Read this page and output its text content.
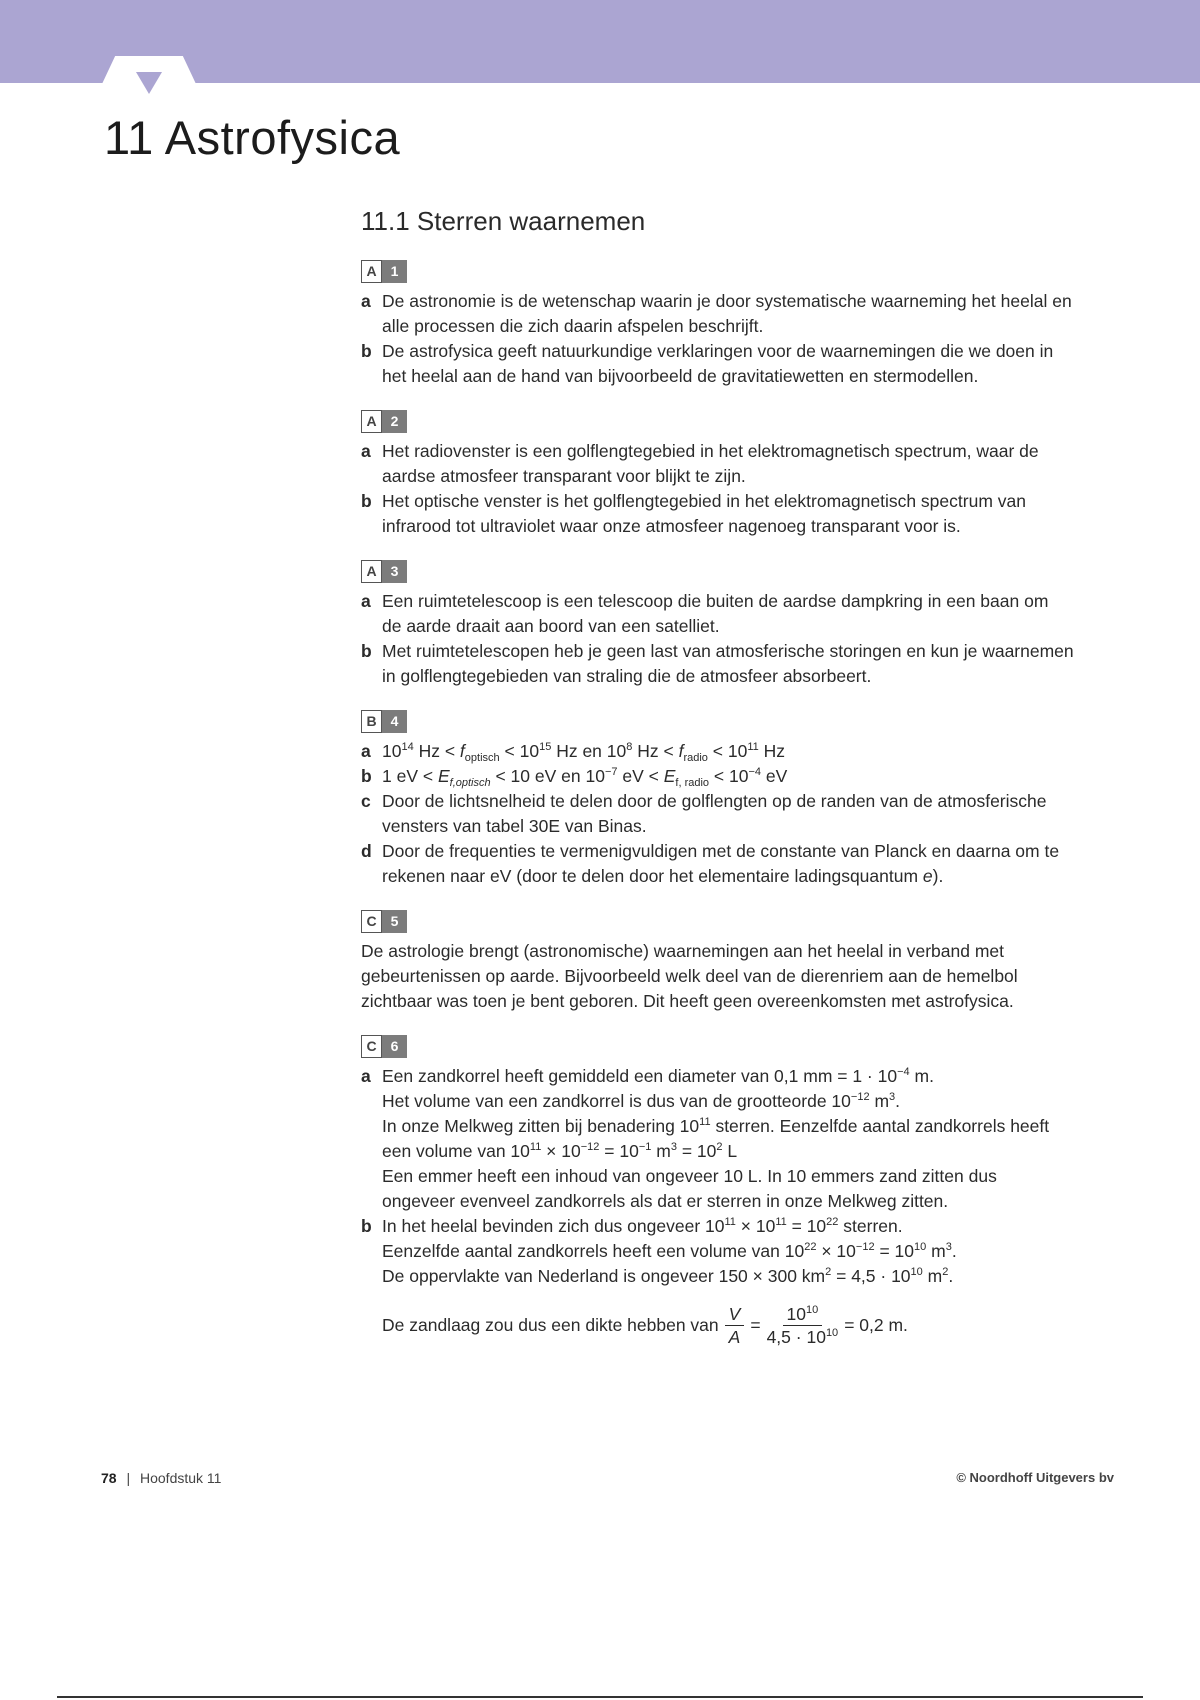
11 Astrofysica
11.1 Sterren waarnemen
A	1
a De astronomie is de wetenschap waarin je door systematische waarneming het heelal en
alle processen die zich daarin afspelen beschrijft.
b De astrofysica geeft natuurkundige verklaringen voor de waarnemingen die we doen in
het heelal aan de hand van bijvoorbeeld de gravitatiewetten en stermodellen.
A	2
a Het radiovenster is een golflengtegebied in het elektromagnetisch spectrum, waar de
aardse atmosfeer transparant voor blijkt te zijn.
b Het optische venster is het golflengtegebied in het elektromagnetisch spectrum van
infrarood tot ultraviolet waar onze atmosfeer nagenoeg transparant voor is.
A	3
a Een ruimtetelescoop is een telescoop die buiten de aardse dampkring in een baan om
de aarde draait aan boord van een satelliet.
b Met ruimtetelescopen heb je geen last van atmosferische storingen en kun je waarnemen
in golflengtegebieden van straling die de atmosfeer absorbeert.
B	4
a $10^{14}$ $Hz < f_{optisch} < 10^{15}$ Hz en $10^8$ $Hz < f_{radio} < 10^{11}$ Hz
b 1 eV < $E_{f,optisch} < 10$ eV en $10^{-7}$ eV < $E_{f, radio} < 10^{-4}$ eV
c Door de lichtsnelheid te delen door de golflengten op de randen van de atmosferische
vensters van tabel 30E van Binas.
d Door de frequenties te vermenigvuldigen met de constante van Planck en daarna om te
rekenen naar eV (door te delen door het elementaire ladingsquantum e).
C	5
De astrologie brengt (astronomische) waarnemingen aan het heelal in verband met
gebeurtenissen op aarde. Bijvoorbeeld welk deel van de dierenriem aan de hemelbol
zichtbaar was toen je bent geboren. Dit heeft geen overeenkomsten met astrofysica.
C	6
a Een zandkorrel heeft gemiddeld een diameter van 0,1 mm = $1 \cdot 10^{-4}$ m.
Het volume van een zandkorrel is dus van de grootteorde $10^{-12}$ $m^3$.
In onze Melkweg zitten bij benadering $10^{11}$ sterren. Eenzelfde aantal zandkorrels heeft
een volume van $10^{11} \times 10^{-12} = 10^{-1}$ $m^3 = 10^2$ L
Een emmer heeft een inhoud van ongeveer 10 L. In 10 emmers zand zitten dus
ongeveer evenveel zandkorrels als dat er sterren in onze Melkweg zitten.
b In het heelal bevinden zich dus ongeveer $10^{11} \times 10^{11} = 10^{22}$ sterren.
Eenzelfde aantal zandkorrels heeft een volume van $10^{22} \times 10^{-12} = 10^{10}$ $m^3$.
De oppervlakte van Nederland is ongeveer 150 × 300 $km^2 = 4,5 \cdot 10^{10}$ $m^2$.
De zandlaag zou dus een dikte hebben van $\frac{V}{A} = \frac{10^{10}}{4,5 \cdot 10^{10}} = 0,2$ m.
78 | Hoofdstuk 11	© Noordhoff Uitgevers bv
